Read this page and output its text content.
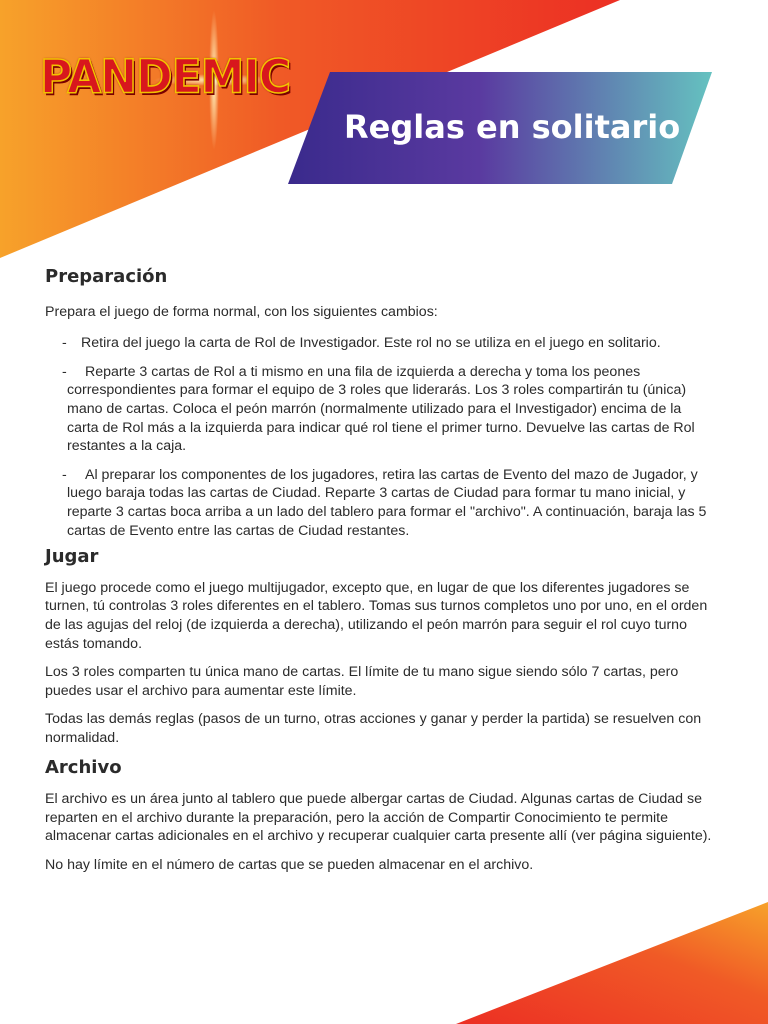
PANDEMIC
Reglas en solitario
Preparación

Prepara el juego de forma normal, con los siguientes cambios:

-	Retira del juego la carta de Rol de Investigador. Este rol no se utiliza en el juego en solitario.
-	Reparte 3 cartas de Rol a ti mismo en una fila de izquierda a derecha y toma los peones correspondientes para formar el equipo de 3 roles que liderarás. Los 3 roles compartirán tu (única) mano de cartas. Coloca el peón marrón (normalmente utilizado para el Investigador) encima de la carta de Rol más a la izquierda para indicar qué rol tiene el primer turno. Devuelve las cartas de Rol restantes a la caja.
-	Al preparar los componentes de los jugadores, retira las cartas de Evento del mazo de Jugador, y luego baraja todas las cartas de Ciudad. Reparte 3 cartas de Ciudad para formar tu mano inicial, y reparte 3 cartas boca arriba a un lado del tablero para formar el "archivo". A continuación, baraja las 5 cartas de Evento entre las cartas de Ciudad restantes.
Jugar

El juego procede como el juego multijugador, excepto que, en lugar de que los diferentes jugadores se turnen, tú controlas 3 roles diferentes en el tablero. Tomas sus turnos completos uno por uno, en el orden de las agujas del reloj (de izquierda a derecha), utilizando el peón marrón para seguir el rol cuyo turno estás tomando.

Los 3 roles comparten tu única mano de cartas. El límite de tu mano sigue siendo sólo 7 cartas, pero puedes usar el archivo para aumentar este límite.

Todas las demás reglas (pasos de un turno, otras acciones y ganar y perder la partida) se resuelven con normalidad.

Archivo

El archivo es un área junto al tablero que puede albergar cartas de Ciudad. Algunas cartas de Ciudad se reparten en el archivo durante la preparación, pero la acción de Compartir Conocimiento te permite almacenar cartas adicionales en el archivo y recuperar cualquier carta presente allí (ver página siguiente).

No hay límite en el número de cartas que se pueden almacenar en el archivo.
